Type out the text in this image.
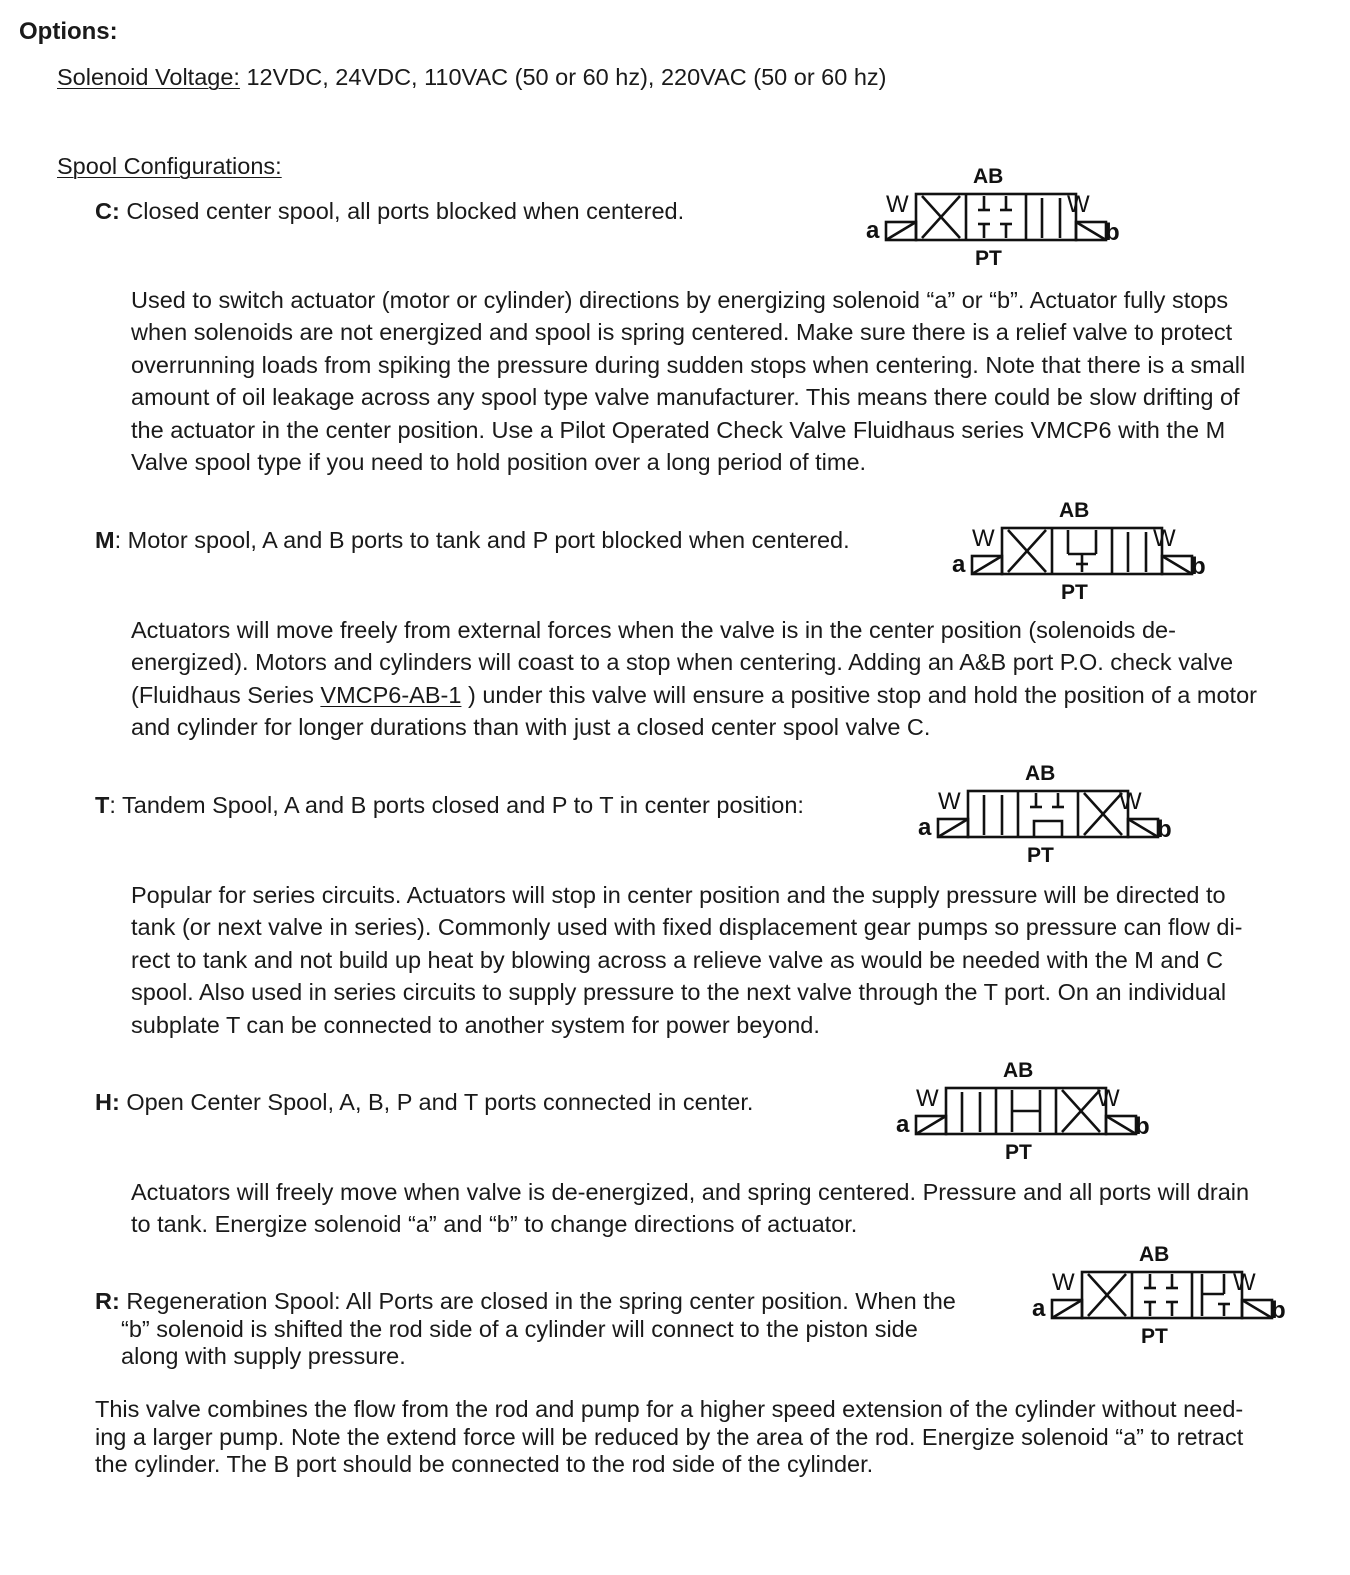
Options:
Solenoid Voltage: 12VDC, 24VDC, 110VAC (50 or 60 hz), 220VAC (50 or 60 hz)
Spool Configurations:
C: Closed center spool, all ports blocked when centered.
AB
PT
a	b
W	W
Used to switch actuator (motor or cylinder) directions by energizing solenoid “a” or “b”. Actuator fully stops
when solenoids are not energized and spool is spring centered. Make sure there is a relief valve to protect
overrunning loads from spiking the pressure during sudden stops when centering. Note that there is a small
amount of oil leakage across any spool type valve manufacturer. This means there could be slow drifting of
the actuator in the center position. Use a Pilot Operated Check Valve Fluidhaus series VMCP6 with the M
Valve spool type if you need to hold position over a long period of time.
M: Motor spool, A and B ports to tank and P port blocked when centered.
AB
PT
a	b
W	W
Actuators will move freely from external forces when the valve is in the center position (solenoids de-
energized). Motors and cylinders will coast to a stop when centering. Adding an A&B port P.O. check valve
(Fluidhaus Series VMCP6-AB-1 ) under this valve will ensure a positive stop and hold the position of a motor
and cylinder for longer durations than with just a closed center spool valve C.
T: Tandem Spool, A and B ports closed and P to T in center position:
AB
PT
a	b
W	W
Popular for series circuits. Actuators will stop in center position and the supply pressure will be directed to
tank (or next valve in series). Commonly used with fixed displacement gear pumps so pressure can flow di-
rect to tank and not build up heat by blowing across a relieve valve as would be needed with the M and C
spool. Also used in series circuits to supply pressure to the next valve through the T port. On an individual
subplate T can be connected to another system for power beyond.
H: Open Center Spool, A, B, P and T ports connected in center.
AB
PT
a	b
W	W
Actuators will freely move when valve is de-energized, and spring centered. Pressure and all ports will drain
to tank. Energize solenoid “a” and “b” to change directions of actuator.
R: Regeneration Spool: All Ports are closed in the spring center position. When the
“b” solenoid is shifted the rod side of a cylinder will connect to the piston side
along with supply pressure.
AB
PT
a	b
W	W
This valve combines the flow from the rod and pump for a higher speed extension of the cylinder without need-
ing a larger pump. Note the extend force will be reduced by the area of the rod. Energize solenoid “a” to retract
the cylinder. The B port should be connected to the rod side of the cylinder.
